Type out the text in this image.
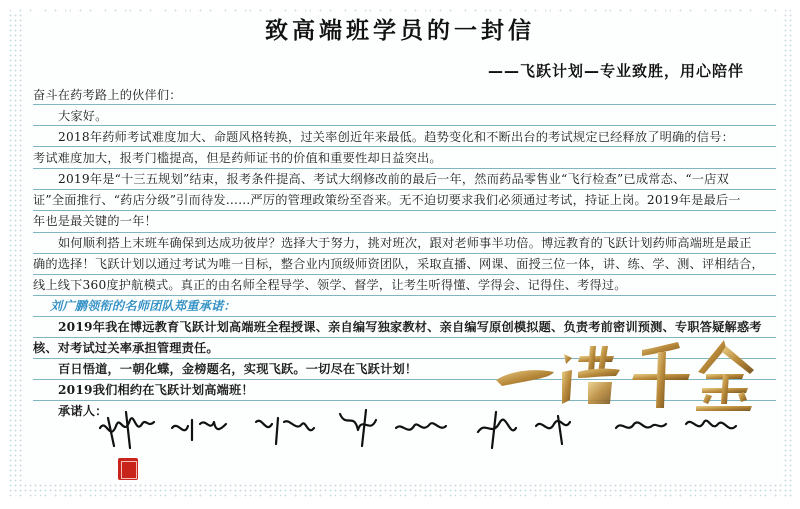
致高端班学员的一封信
——飞跃计划—专业致胜，用心陪伴
奋斗在药考路上的伙伴们：
大家好。
2018年药师考试难度加大、命题风格转换，过关率创近年来最低。趋势变化和不断出台的考试规定已经释放了明确的信号：
考试难度加大，报考门槛提高，但是药师证书的价值和重要性却日益突出。
2019年是“十三五规划”结束，报考条件提高、考试大纲修改前的最后一年，然而药品零售业“飞行检查”已成常态、“一店双
证”全面推行、“药店分级”引而待发……严厉的管理政策纷至沓来。无不迫切要求我们必须通过考试，持证上岗。2019年是最后一
年也是最关键的一年！
如何顺利搭上末班车确保到达成功彼岸？选择大于努力，挑对班次，跟对老师事半功倍。博远教育的飞跃计划药师高端班是最正
确的选择！飞跃计划以通过考试为唯一目标，整合业内顶级师资团队，采取直播、网课、面授三位一体，讲、练、学、测、评相结合，
线上线下360度护航模式。真正的由名师全程导学、领学、督学，让考生听得懂、学得会、记得住、考得过。
刘广鹏领衔的名师团队郑重承诺：
2019年我在博远教育飞跃计划高端班全程授课、亲自编写独家教材、亲自编写原创模拟题、负责考前密训预测、专职答疑解惑考
核、对考试过关率承担管理责任。
百日悟道，一朝化蝶，金榜题名，实现飞跃。一切尽在飞跃计划！
2019我们相约在飞跃计划高端班！
承诺人：
